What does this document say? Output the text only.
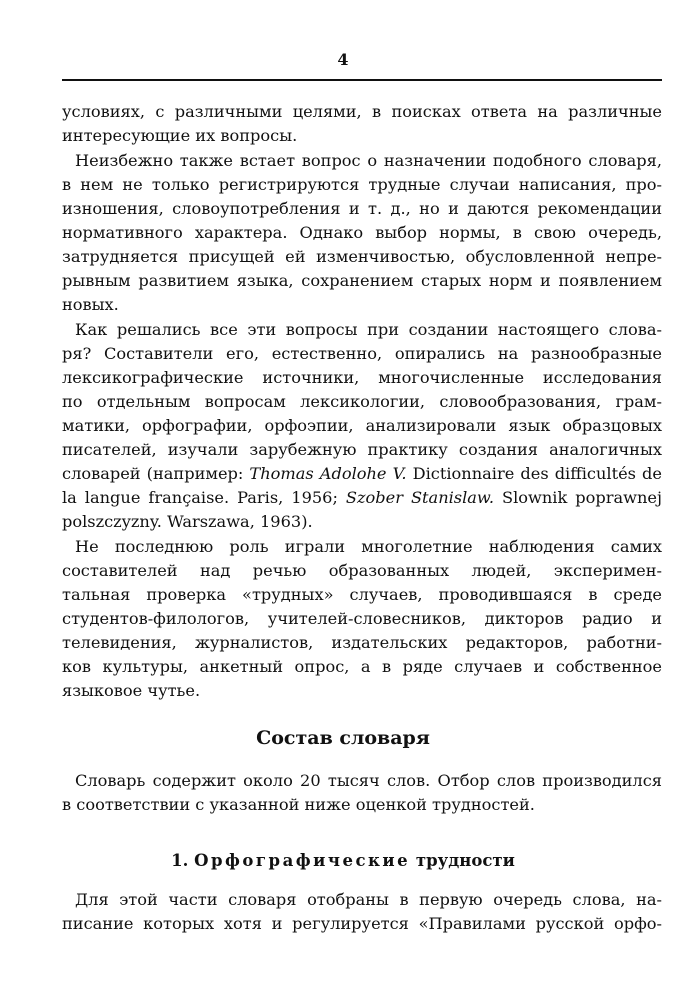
4
условиях, с различными целями, в поисках ответа на различные
интересующие их вопросы.
Неизбежно также встает вопрос о назначении подобного словаря,
в нем не только регистрируются трудные случаи написания, про-
изношения, словоупотребления и т. д., но и даются рекомендации
нормативного характера. Однако выбор нормы, в свою очередь,
затрудняется присущей ей изменчивостью, обусловленной непре-
рывным развитием языка, сохранением старых норм и появлением
новых.
Как решались все эти вопросы при создании настоящего слова-
ря? Составители его, естественно, опирались на разнообразные
лексикографические источники, многочисленные исследования
по отдельным вопросам лексикологии, словообразования, грам-
матики, орфографии, орфоэпии, анализировали язык образцовых
писателей, изучали зарубежную практику создания аналогичных
словарей (например: Thomas Adolohe V. Dictionnaire des difficultés de
la langue française. Paris, 1956; Szober Stanislaw. Slownik poprawnej
polszczyzny. Warszawa, 1963).
Не последнюю роль играли многолетние наблюдения самих
составителей над речью образованных людей, эксперимен-
тальная проверка «трудных» случаев, проводившаяся в среде
студентов-филологов, учителей-словесников, дикторов радио и
телевидения, журналистов, издательских редакторов, работни-
ков культуры, анкетный опрос, а в ряде случаев и собственное
языковое чутье.
Состав словаря
Словарь содержит около 20 тысяч слов. Отбор слов производился
в соответствии с указанной ниже оценкой трудностей.
1. Орфографические трудности
Для этой части словаря отобраны в первую очередь слова, на-
писание которых хотя и регулируется «Правилами русской орфо-
